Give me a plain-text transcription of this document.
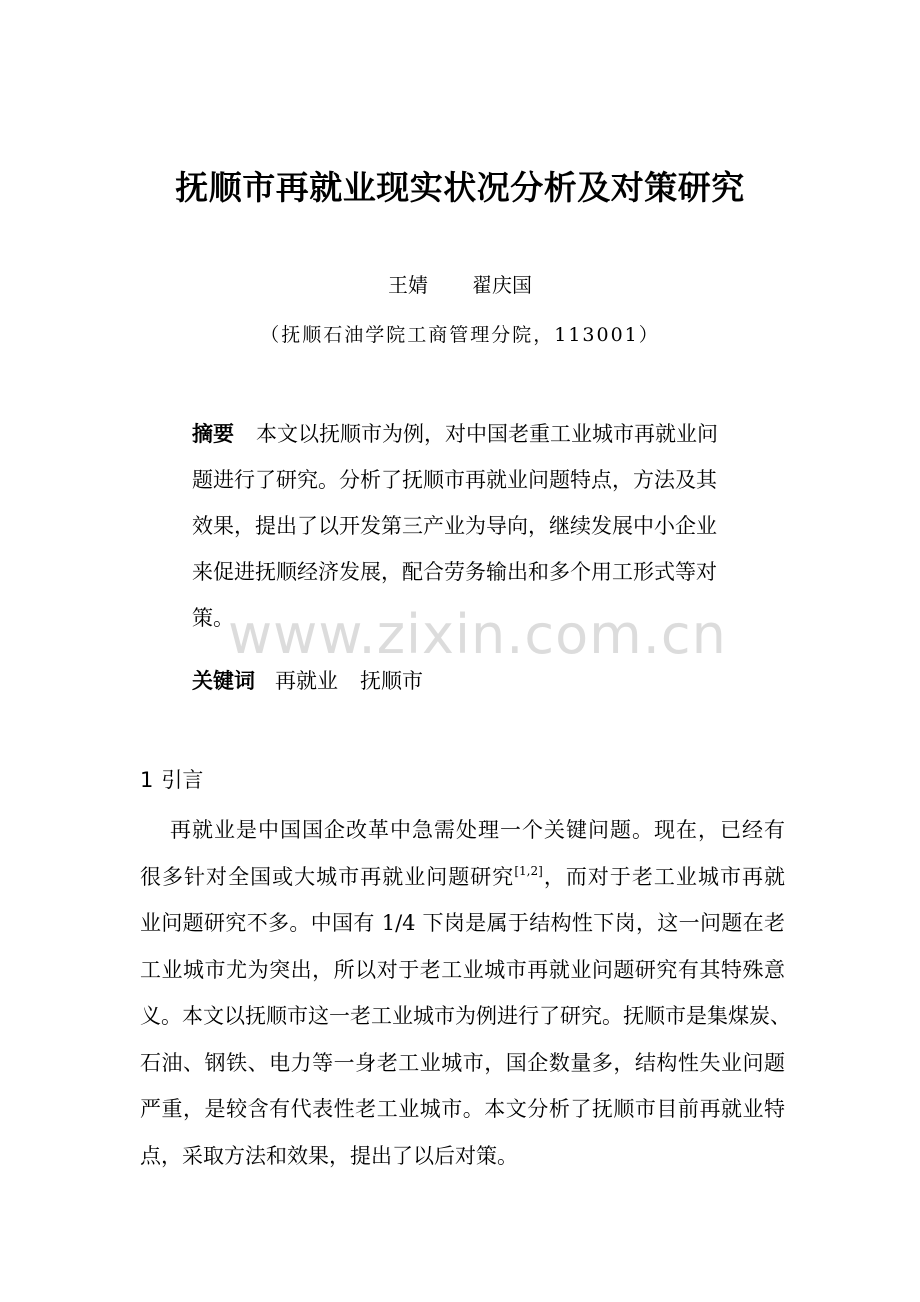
抚顺市再就业现实状况分析及对策研究
王婧 翟庆国
（抚顺石油学院工商管理分院，113001）
摘要 本文以抚顺市为例，对中国老重工业城市再就业问
题进行了研究。分析了抚顺市再就业问题特点，方法及其
效果，提出了以开发第三产业为导向，继续发展中小企业
来促进抚顺经济发展，配合劳务输出和多个用工形式等对
策。
关键词 再就业 抚顺市
1 引言
再就业是中国国企改革中急需处理一个关键问题。现在，已经有
很多针对全国或大城市再就业问题研究[1,2]，而对于老工业城市再就
业问题研究不多。中国有 1/4 下岗是属于结构性下岗，这一问题在老
工业城市尤为突出，所以对于老工业城市再就业问题研究有其特殊意
义。本文以抚顺市这一老工业城市为例进行了研究。抚顺市是集煤炭、
石油、钢铁、电力等一身老工业城市，国企数量多，结构性失业问题
严重，是较含有代表性老工业城市。本文分析了抚顺市目前再就业特
点，采取方法和效果，提出了以后对策。
www.zixin.com.cn
